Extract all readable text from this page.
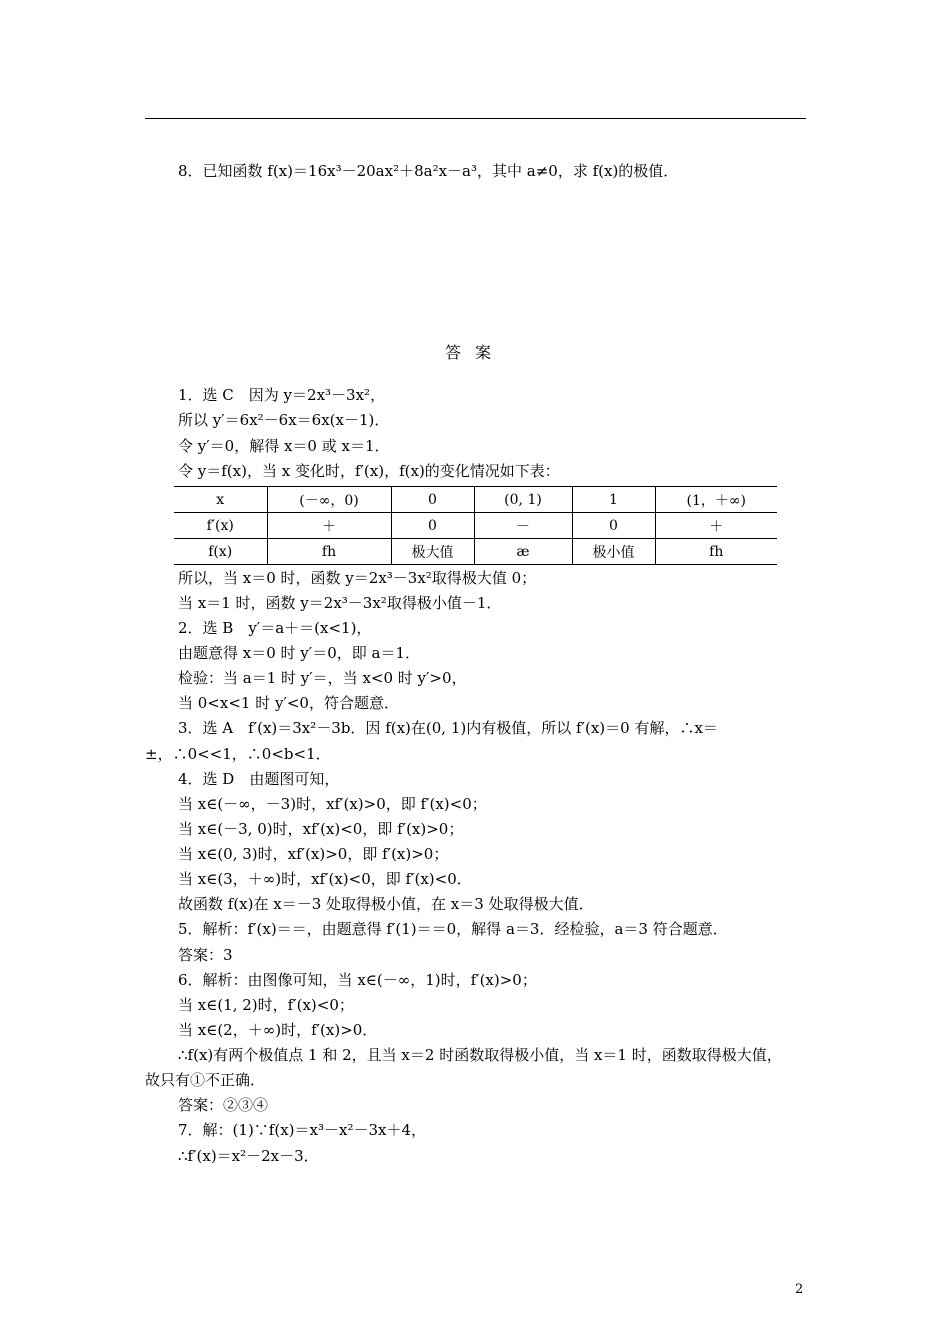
8．已知函数 f(x)＝16x³－20ax²＋8a²x－a³，其中 a≠0，求 f(x)的极值．
答案
1．选 C　因为 y＝2x³－3x²，
所以 y′＝6x²－6x＝6x(x－1)．
令 y′＝0，解得 x＝0 或 x＝1．
令 y＝f(x)，当 x 变化时，f′(x)，f(x)的变化情况如下表：
x	(－∞，0)	0	(0, 1)	1	(1，＋∞)
f′(x)	＋	0	－	0	＋
f(x)	fh	极大值	æ	极小值	fh
所以，当 x＝0 时，函数 y＝2x³－3x²取得极大值 0；
当 x＝1 时，函数 y＝2x³－3x²取得极小值－1．
2．选 B　y′＝a＋＝(x<1)，
由题意得 x＝0 时 y′＝0，即 a＝1．
检验：当 a＝1 时 y′＝，当 x<0 时 y′>0，
当 0<x<1 时 y′<0，符合题意．
3．选 A　f′(x)＝3x²－3b．因 f(x)在(0, 1)内有极值，所以 f′(x)＝0 有解，∴x＝
±，∴0<<1，∴0<b<1．
4．选 D　由题图可知，
当 x∈(－∞，－3)时，xf′(x)>0，即 f′(x)<0；
当 x∈(－3, 0)时，xf′(x)<0，即 f′(x)>0；
当 x∈(0, 3)时，xf′(x)>0，即 f′(x)>0；
当 x∈(3，＋∞)时，xf′(x)<0，即 f′(x)<0．
故函数 f(x)在 x＝－3 处取得极小值，在 x＝3 处取得极大值．
5．解析：f′(x)＝＝，由题意得 f′(1)＝＝0，解得 a＝3．经检验，a＝3 符合题意．
答案：3
6．解析：由图像可知，当 x∈(－∞，1)时，f′(x)>0；
当 x∈(1, 2)时，f′(x)<0；
当 x∈(2，＋∞)时，f′(x)>0．
∴f(x)有两个极值点 1 和 2，且当 x＝2 时函数取得极小值，当 x＝1 时，函数取得极大值，
故只有①不正确．
答案：②③④
7．解：(1)∵f(x)＝x³－x²－3x＋4，
∴f′(x)＝x²－2x－3．
2
